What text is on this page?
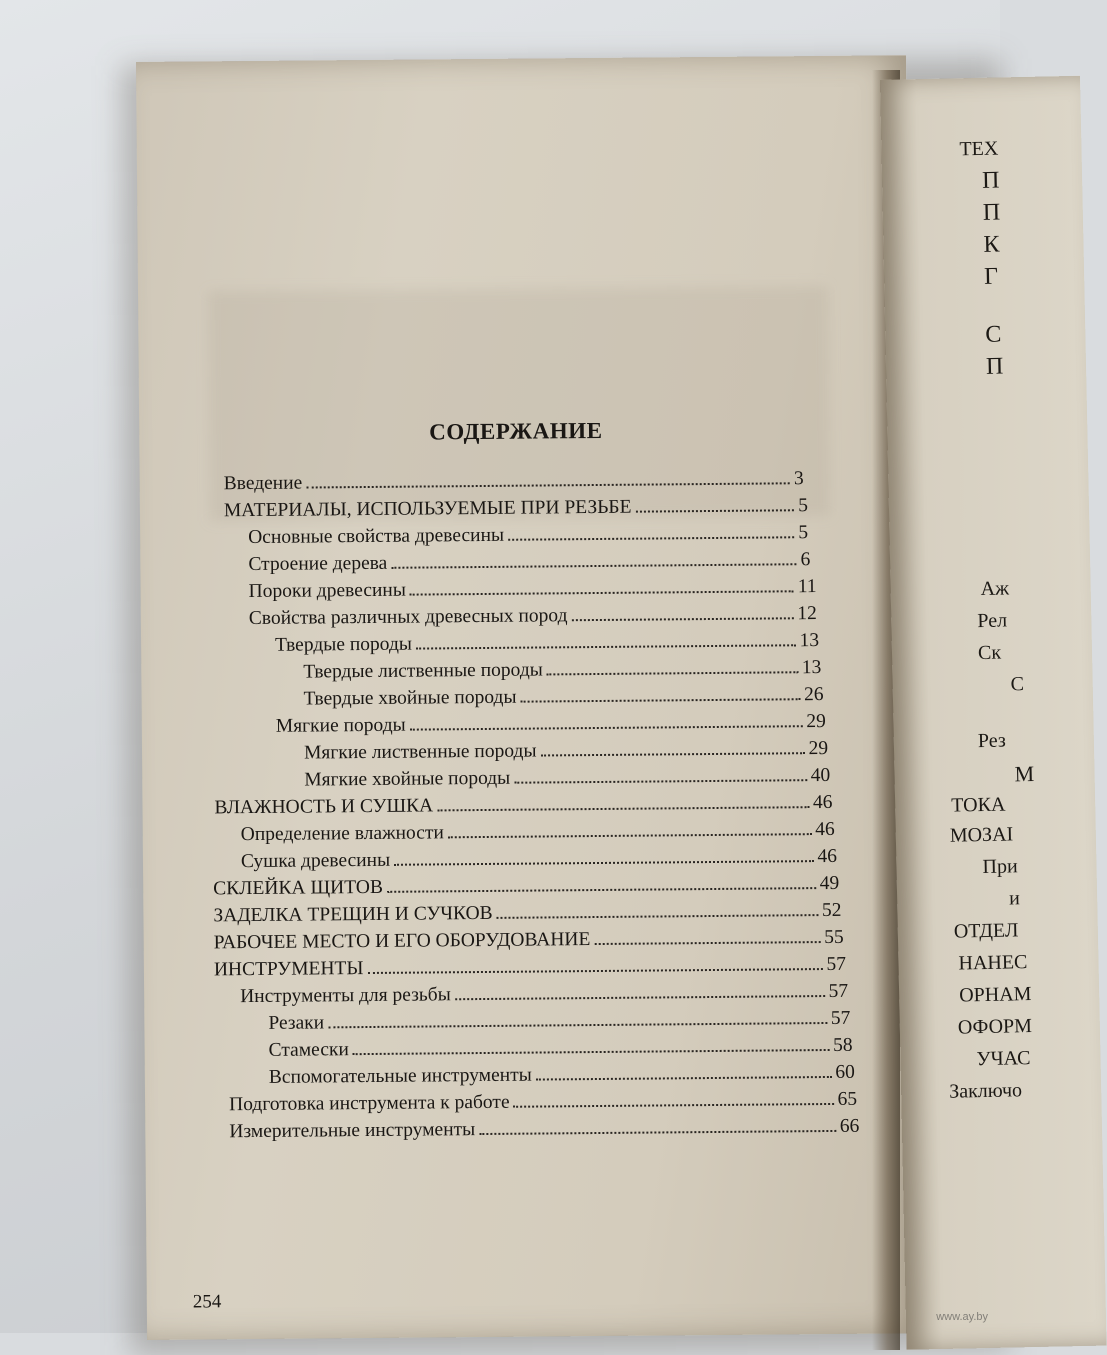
СОДЕРЖАНИЕ
Введение	3
МАТЕРИАЛЫ, ИСПОЛЬЗУЕМЫЕ ПРИ РЕЗЬБЕ	5
Основные свойства древесины	5
Строение дерева	6
Пороки древесины	11
Свойства различных древесных пород	12
Твердые породы	13
Твердые лиственные породы	13
Твердые хвойные породы	26
Мягкие породы	29
Мягкие лиственные породы	29
Мягкие хвойные породы	40
ВЛАЖНОСТЬ И СУШКА	46
Определение влажности	46
Сушка древесины	46
СКЛЕЙКА ЩИТОВ	49
ЗАДЕЛКА ТРЕЩИН И СУЧКОВ	52
РАБОЧЕЕ МЕСТО И ЕГО ОБОРУДОВАНИЕ	55
ИНСТРУМЕНТЫ	57
Инструменты для резьбы	57
Резаки	57
Стамески	58
Вспомогательные инструменты	60
Подготовка инструмента к работе	65
Измерительные инструменты	66
254
ТЕХ
П
П
К
Г
С
П
Аж
Рел
Ск
С
Рез
М
ТОКА
МОЗАІ
При
и
ОТДЕЛ
НАНЕС
ОРНАМ
ОФОРМ
УЧАС
Заключо
www.ay.by
